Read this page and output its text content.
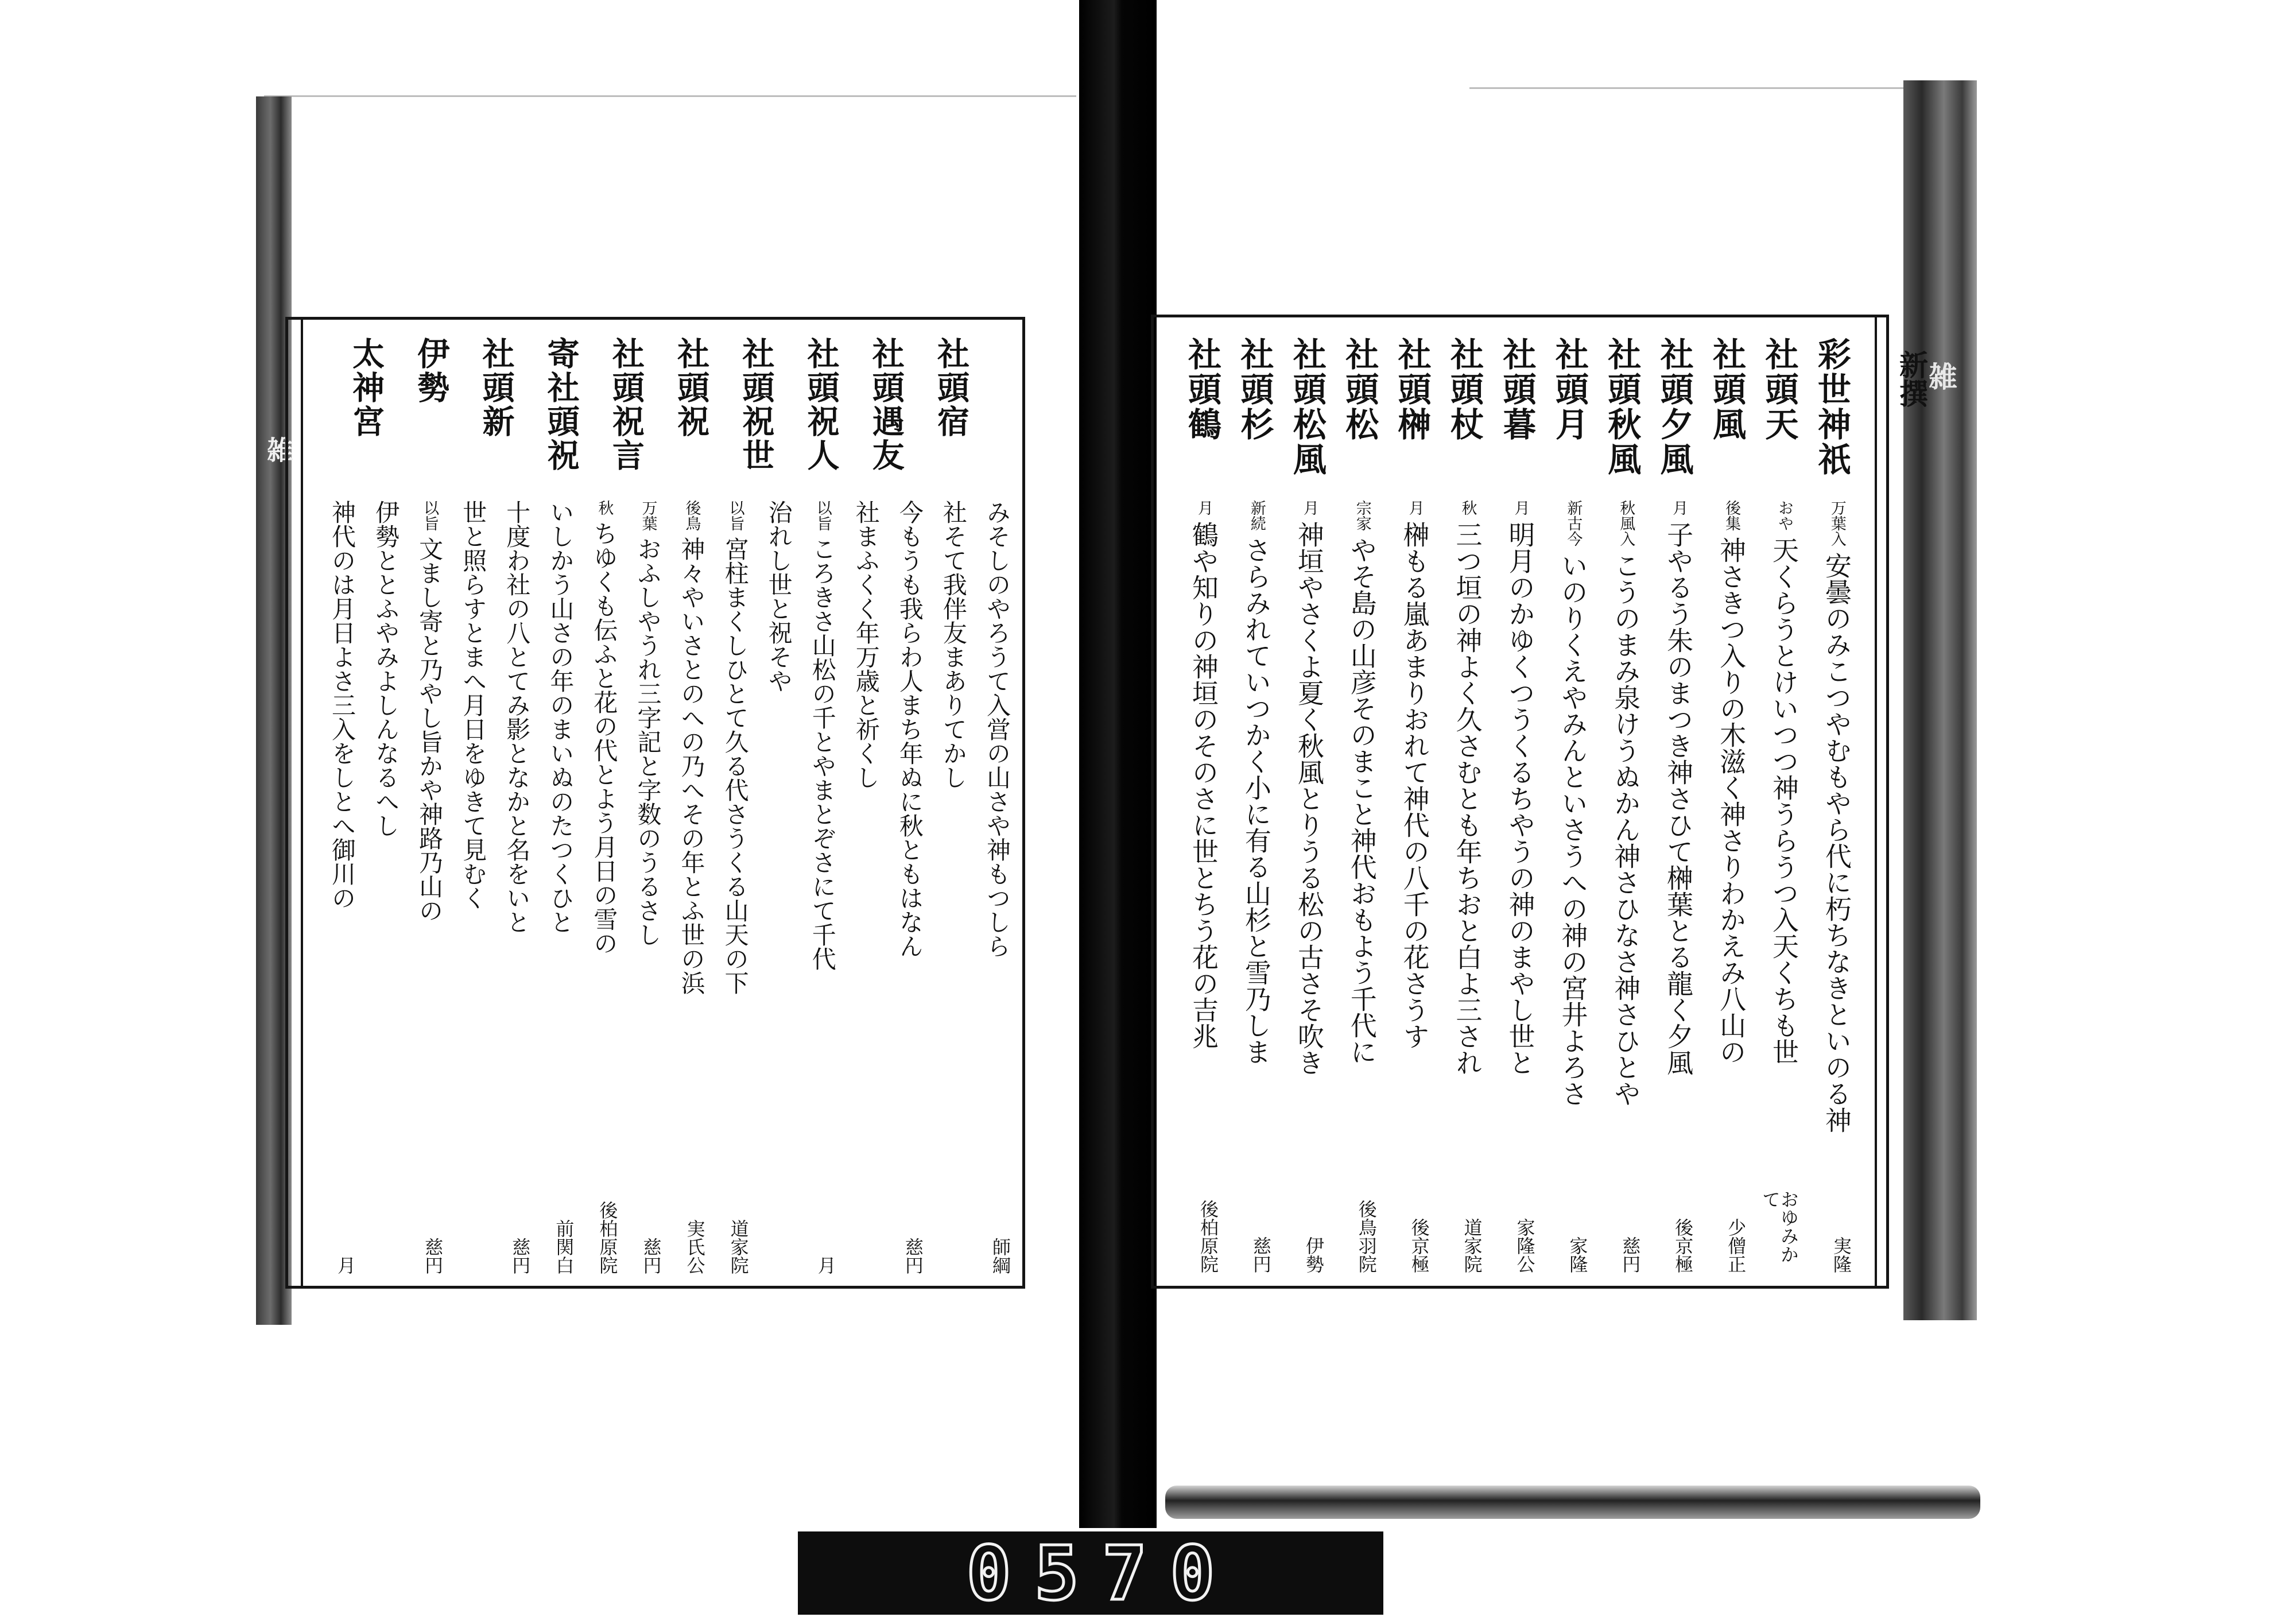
雑
新撰
雑
社頭宿
社頭遇友
社頭祝人
社頭祝世
社頭祝
社頭祝言
寄社頭祝
社頭新
伊勢
太神宮
みそしのやろうて入営の山さや神もつしら
師綱
社そて我伴友まありてかし
今もうも我らわ人まち年ぬに秋ともはなん
慈円
社まふくく年万歳と祈くし
以旨ころきさ山松の千とやまとぞさにて千代
月
治れし世と祝そや
以旨宮柱まくしひとて久る代さうくる山天の下
道家院
後鳥神々やいさとのへの乃へその年とふ世の浜
実氏公
万葉おふしやうれ三字記と字数のうるさし
慈円
秋ちゆくも伝ふと花の代とよう月日の雪の
後柏原院
いしかう山さの年のまいぬのたつくひと
前関白
十度わ社の八とてみ影となかと名をいと
慈円
世と照らすとまへ月日をゆきて見むく
以旨文まし寄と乃やし旨かや神路乃山の
慈円
伊勢ととふやみよしんなるへし
神代のは月日よさ三入をしとへ御川の
月
彩世神祇
社頭天
社頭風
社頭夕風
社頭秋風
社頭月
社頭暮
社頭杖
社頭榊
社頭松
社頭松風
社頭杉
社頭鶴
万葉入安曇のみこつやむもやら代に朽ちなきといのる神
実隆
おや天くらうとけいつつ神うらうつ入天くちも世
おゆみかて
後集神さきつ入りの木滋く神さりわかえみ八山の
少僧正
月子やるう朱のまつき神さひて榊葉とる龍く夕風
後京極
秋風入こうのまみ泉けうぬかん神さひなさ神さひとや
慈円
新古今いのりくえやみんといさうへの神の宮井よろさ
家隆
月明月のかゆくつうくるちやうの神のまやし世と
家隆公
秋三つ垣の神よく久さむとも年ちおと白よ三され
道家院
月榊もる嵐あまりおれて神代の八千の花さうす
後京極
宗家やそ島の山彦そのまこと神代おもよう千代に
後鳥羽院
月神垣やさくよ夏く秋風とりうる松の古さそ吹き
伊勢
新続さらみれていつかく小に有る山杉と雪乃しま
慈円
月鶴や知りの神垣のそのさに世とちう花の吉兆
後柏原院
0570
